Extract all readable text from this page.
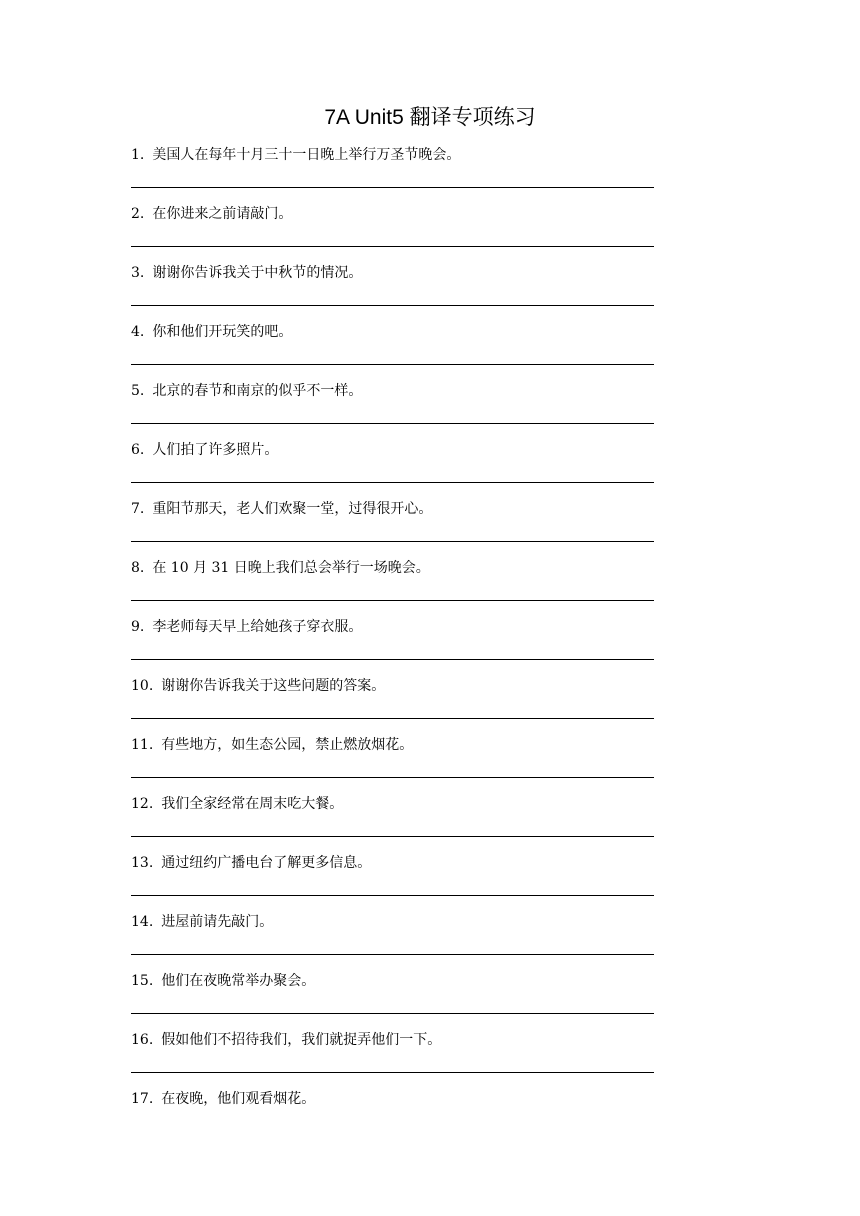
7A Unit5 翻译专项练习
1. 美国人在每年十月三十一日晚上举行万圣节晚会。
2. 在你进来之前请敲门。
3. 谢谢你告诉我关于中秋节的情况。
4. 你和他们开玩笑的吧。
5. 北京的春节和南京的似乎不一样。
6. 人们拍了许多照片。
7. 重阳节那天，老人们欢聚一堂，过得很开心。
8. 在 10 月 31 日晚上我们总会举行一场晚会。
9. 李老师每天早上给她孩子穿衣服。
10. 谢谢你告诉我关于这些问题的答案。
11. 有些地方，如生态公园，禁止燃放烟花。
12. 我们全家经常在周末吃大餐。
13. 通过纽约广播电台了解更多信息。
14. 进屋前请先敲门。
15. 他们在夜晚常举办聚会。
16. 假如他们不招待我们，我们就捉弄他们一下。
17. 在夜晚，他们观看烟花。
